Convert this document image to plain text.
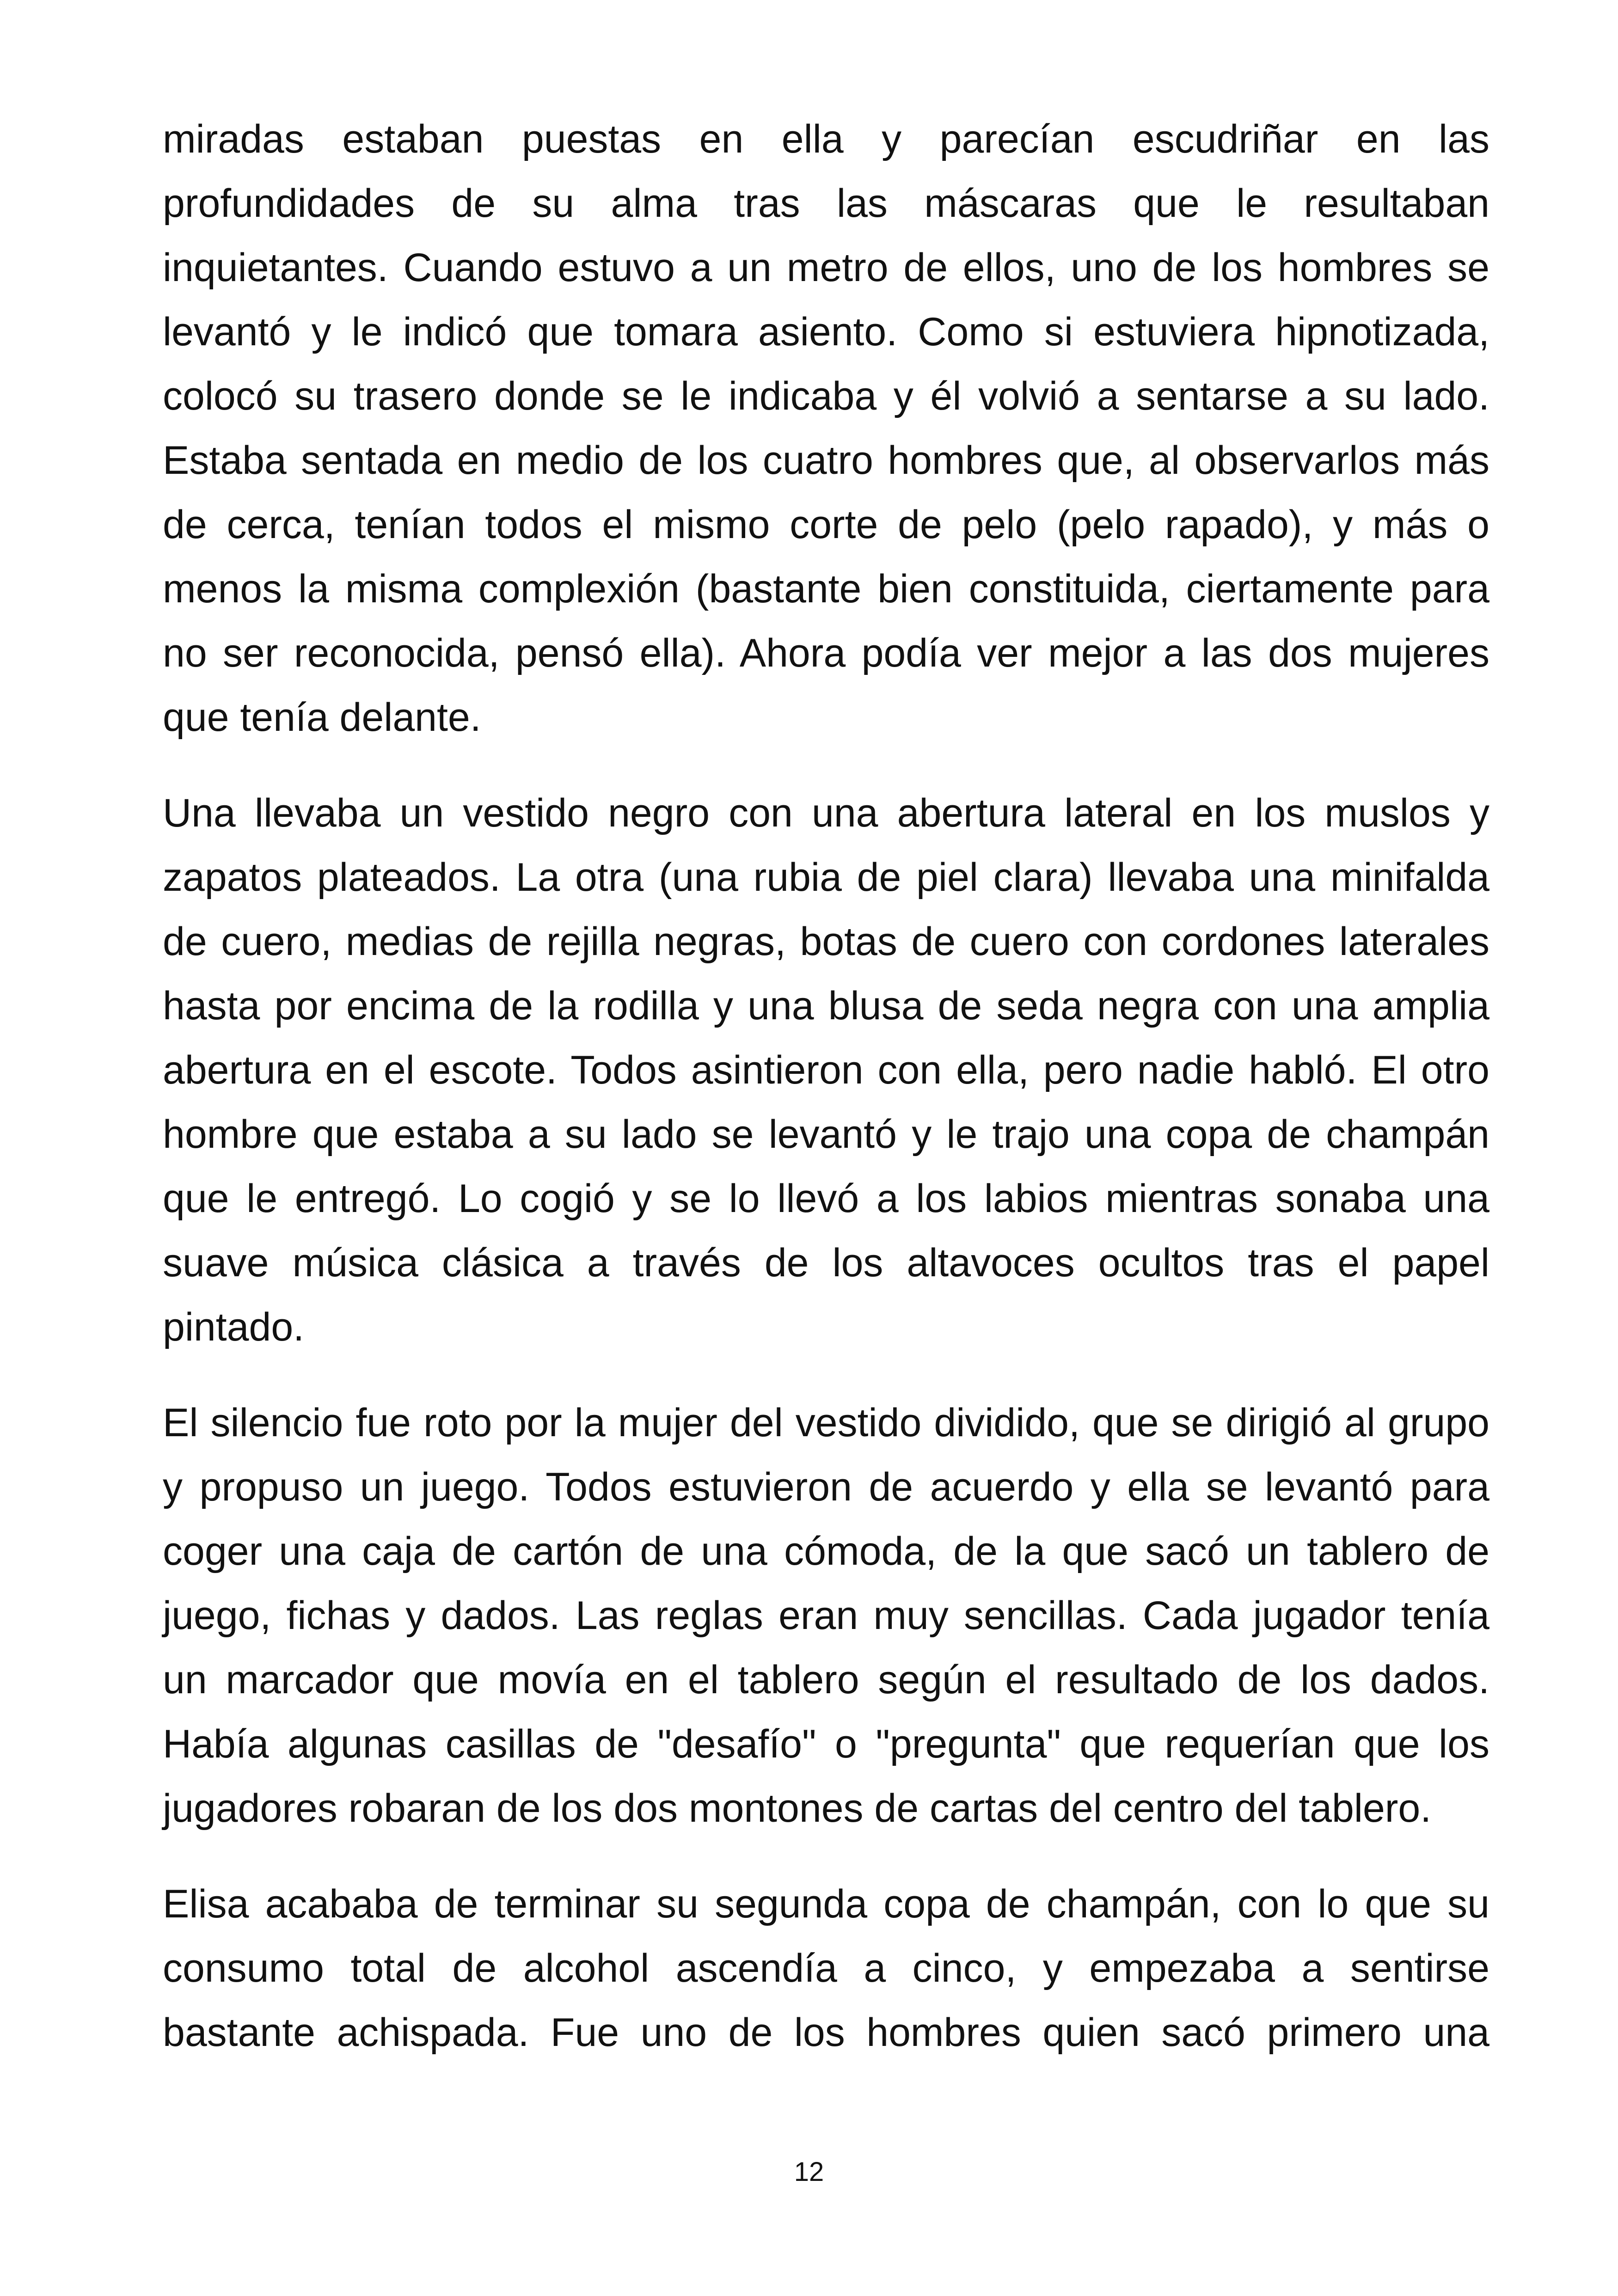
miradas estaban puestas en ella y parecían escudriñar en las profundidades de su alma tras las máscaras que le resultaban inquietantes. Cuando estuvo a un metro de ellos, uno de los hombres se levantó y le indicó que tomara asiento. Como si estuviera hipnotizada, colocó su trasero donde se le indicaba y él volvió a sentarse a su lado. Estaba sentada en medio de los cuatro hombres que, al observarlos más de cerca, tenían todos el mismo corte de pelo (pelo rapado), y más o menos la misma complexión (bastante bien constituida, ciertamente para no ser reconocida, pensó ella). Ahora podía ver mejor a las dos mujeres que tenía delante.

Una llevaba un vestido negro con una abertura lateral en los muslos y zapatos plateados. La otra (una rubia de piel clara) llevaba una minifalda de cuero, medias de rejilla negras, botas de cuero con cordones laterales hasta por encima de la rodilla y una blusa de seda negra con una amplia abertura en el escote. Todos asintieron con ella, pero nadie habló. El otro hombre que estaba a su lado se levantó y le trajo una copa de champán que le entregó. Lo cogió y se lo llevó a los labios mientras sonaba una suave música clásica a través de los altavoces ocultos tras el papel pintado.

El silencio fue roto por la mujer del vestido dividido, que se dirigió al grupo y propuso un juego. Todos estuvieron de acuerdo y ella se levantó para coger una caja de cartón de una cómoda, de la que sacó un tablero de juego, fichas y dados. Las reglas eran muy sencillas. Cada jugador tenía un marcador que movía en el tablero según el resultado de los dados. Había algunas casillas de "desafío" o "pregunta" que requerían que los jugadores robaran de los dos montones de cartas del centro del tablero.

Elisa acababa de terminar su segunda copa de champán, con lo que su consumo total de alcohol ascendía a cinco, y empezaba a sentirse bastante achispada. Fue uno de los hombres quien sacó primero una

12
